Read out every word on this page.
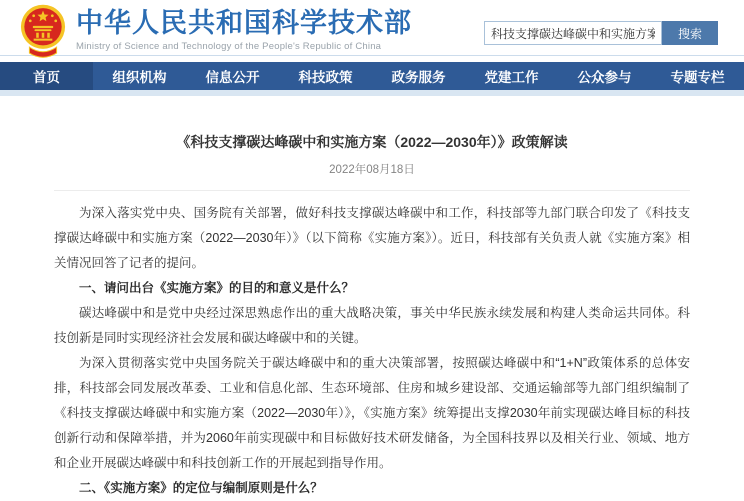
中华人民共和国科学技术部
Ministry of Science and Technology of the People's Republic of China
科技支撑碳达峰碳中和实施方案
搜索
首页	组织机构	信息公开	科技政策	政务服务	党建工作	公众参与	专题专栏
《科技支撑碳达峰碳中和实施方案（2022—2030年）》政策解读
2022年08月18日

为深入落实党中央、国务院有关部署，做好科技支撑碳达峰碳中和工作，科技部等九部门联合印发了《科技支撑碳达峰碳中和实施方案（2022—2030年）》（以下简称《实施方案》）。近日，科技部有关负责人就《实施方案》相关情况回答了记者的提问。

一、请问出台《实施方案》的目的和意义是什么？

碳达峰碳中和是党中央经过深思熟虑作出的重大战略决策，事关中华民族永续发展和构建人类命运共同体。科技创新是同时实现经济社会发展和碳达峰碳中和的关键。

为深入贯彻落实党中央国务院关于碳达峰碳中和的重大决策部署，按照碳达峰碳中和“1+N”政策体系的总体安排，科技部会同发展改革委、工业和信息化部、生态环境部、住房和城乡建设部、交通运输部等九部门组织编制了《科技支撑碳达峰碳中和实施方案（2022—2030年）》，《实施方案》统筹提出支撑2030年前实现碳达峰目标的科技创新行动和保障举措，并为2060年前实现碳中和目标做好技术研发储备，为全国科技界以及相关行业、领域、地方和企业开展碳达峰碳中和科技创新工作的开展起到指导作用。

二、《实施方案》的定位与编制原则是什么？
